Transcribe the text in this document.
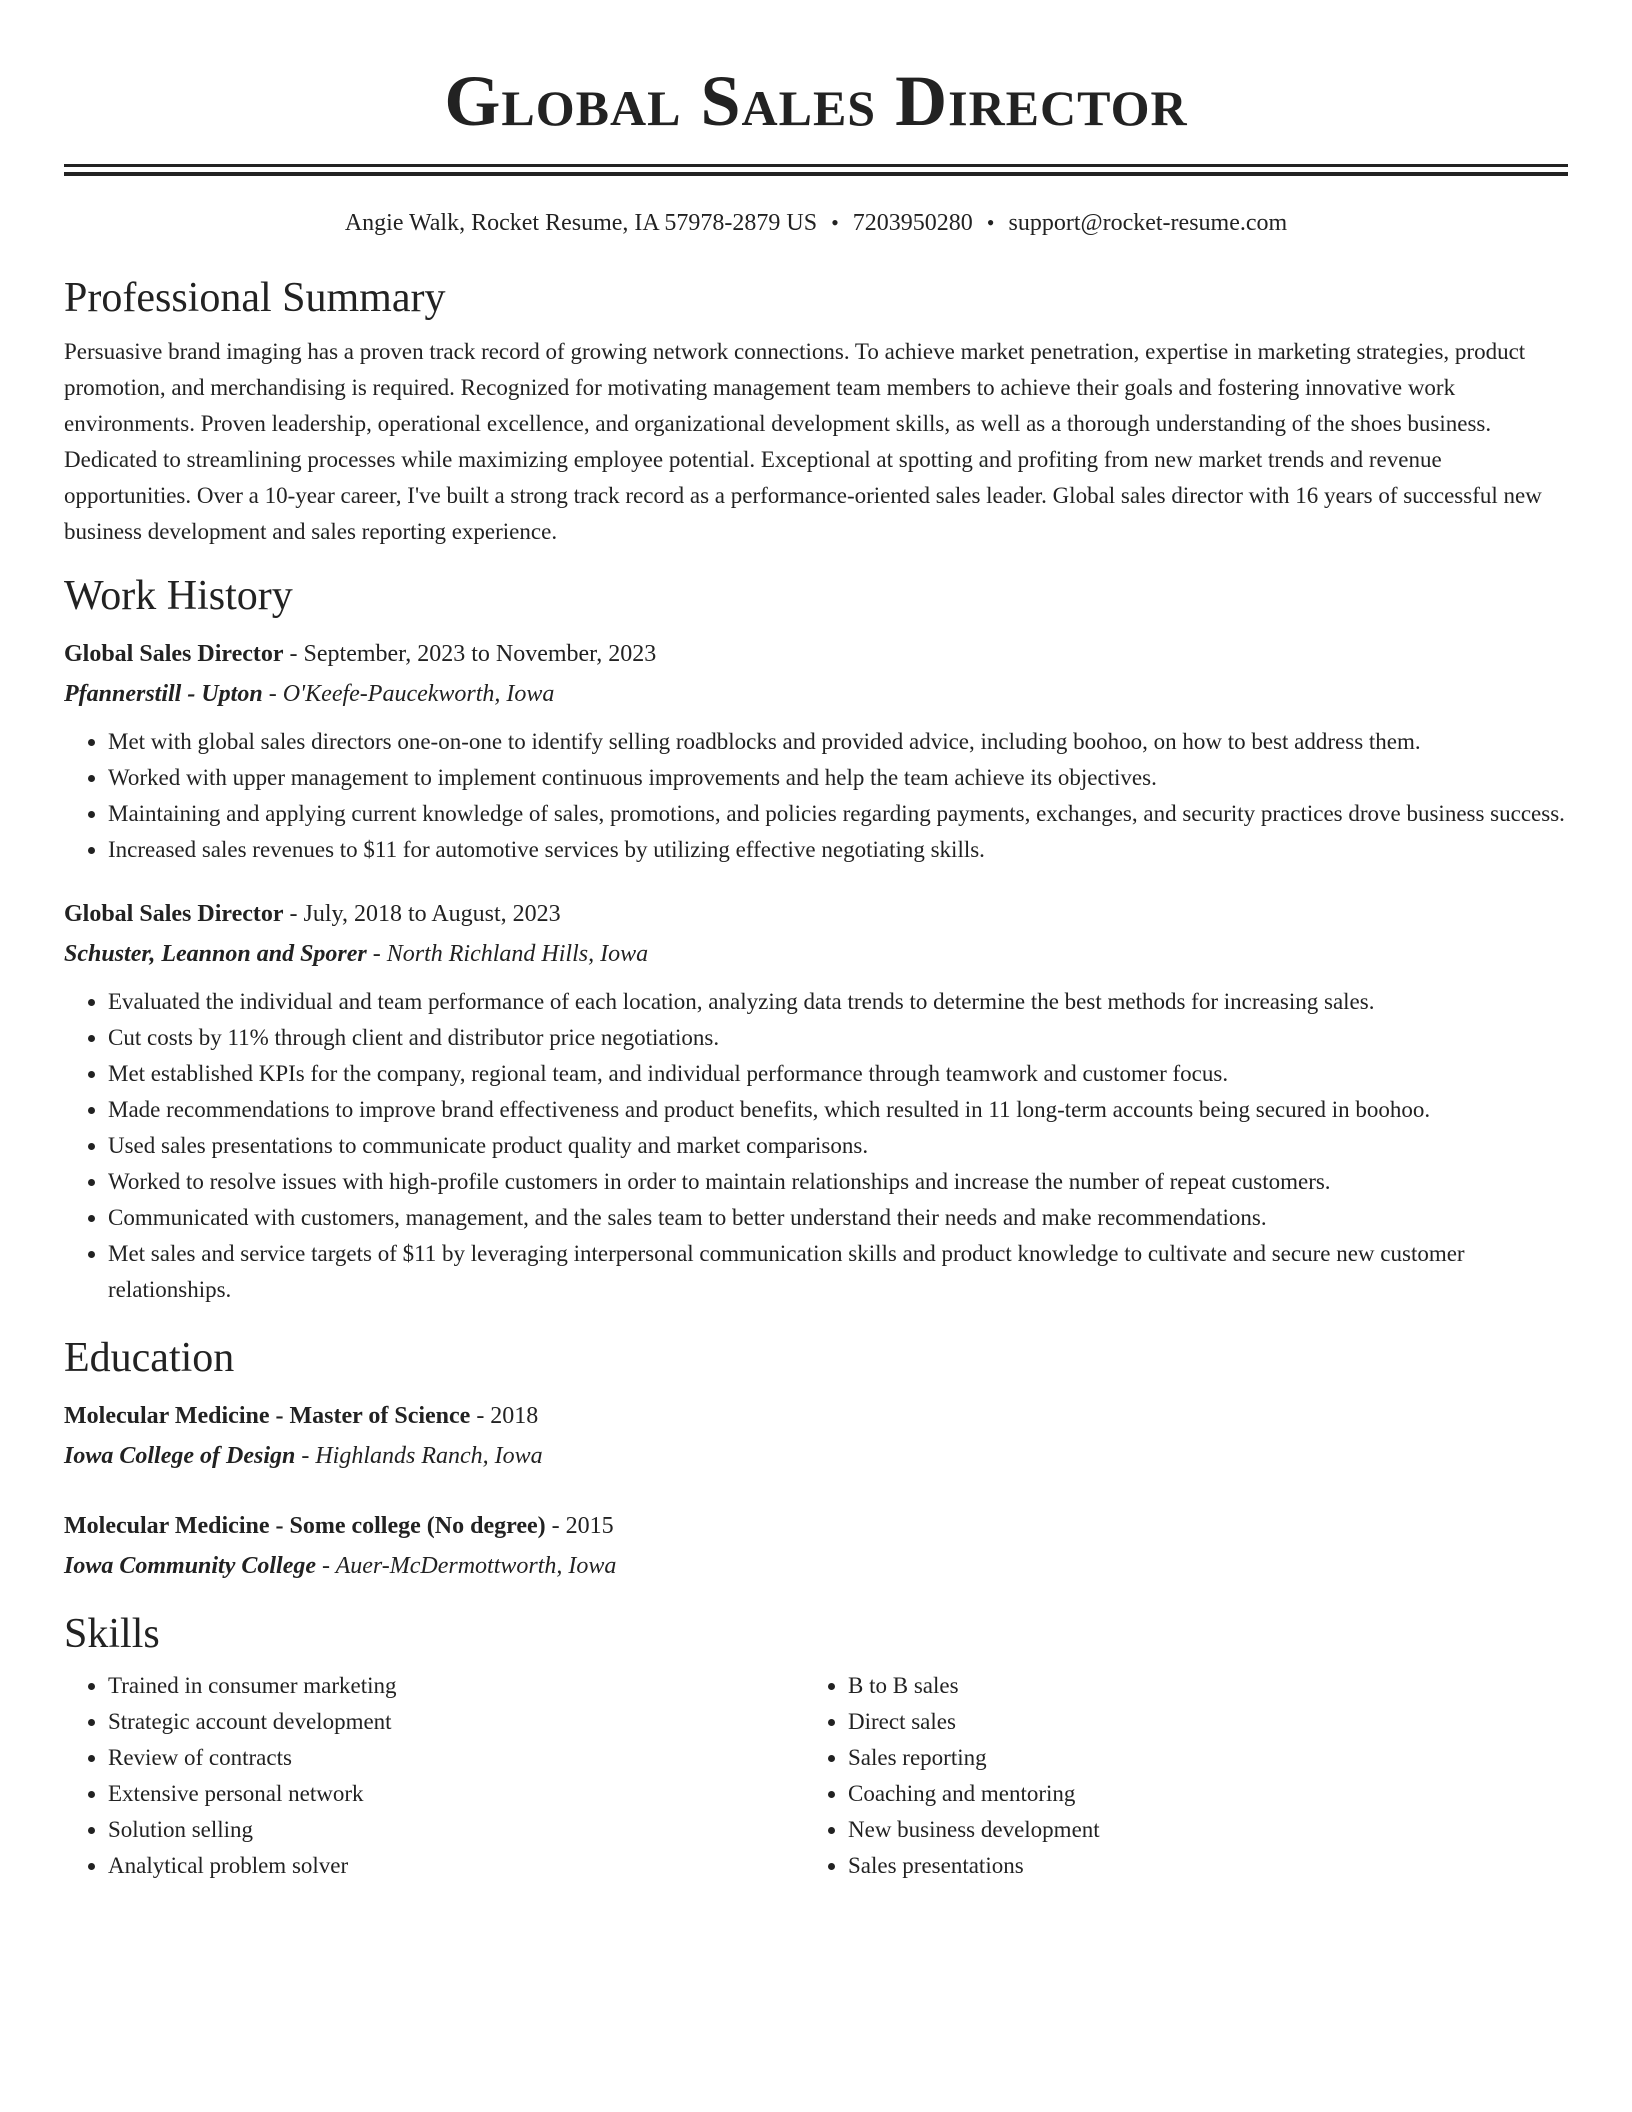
Global Sales Director
Angie Walk, Rocket Resume, IA 57978-2879 US • 7203950280 • support@rocket-resume.com
Professional Summary

Persuasive brand imaging has a proven track record of growing network connections. To achieve market penetration, expertise in marketing strategies, product promotion, and merchandising is required. Recognized for motivating management team members to achieve their goals and fostering innovative work environments. Proven leadership, operational excellence, and organizational development skills, as well as a thorough understanding of the shoes business. Dedicated to streamlining processes while maximizing employee potential. Exceptional at spotting and profiting from new market trends and revenue opportunities. Over a 10-year career, I've built a strong track record as a performance-oriented sales leader. Global sales director with 16 years of successful new business development and sales reporting experience.

Work History
Global Sales Director - September, 2023 to November, 2023
Pfannerstill - Upton - O'Keefe-Paucekworth, Iowa
• Met with global sales directors one-on-one to identify selling roadblocks and provided advice, including boohoo, on how to best address them.
• Worked with upper management to implement continuous improvements and help the team achieve its objectives.
• Maintaining and applying current knowledge of sales, promotions, and policies regarding payments, exchanges, and security practices drove business success.
• Increased sales revenues to $11 for automotive services by utilizing effective negotiating skills.
Global Sales Director - July, 2018 to August, 2023
Schuster, Leannon and Sporer - North Richland Hills, Iowa
• Evaluated the individual and team performance of each location, analyzing data trends to determine the best methods for increasing sales.
• Cut costs by 11% through client and distributor price negotiations.
• Met established KPIs for the company, regional team, and individual performance through teamwork and customer focus.
• Made recommendations to improve brand effectiveness and product benefits, which resulted in 11 long-term accounts being secured in boohoo.
• Used sales presentations to communicate product quality and market comparisons.
• Worked to resolve issues with high-profile customers in order to maintain relationships and increase the number of repeat customers.
• Communicated with customers, management, and the sales team to better understand their needs and make recommendations.
• Met sales and service targets of $11 by leveraging interpersonal communication skills and product knowledge to cultivate and secure new customer relationships.
Education
Molecular Medicine - Master of Science - 2018
Iowa College of Design - Highlands Ranch, Iowa
Molecular Medicine - Some college (No degree) - 2015
Iowa Community College - Auer-McDermottworth, Iowa
Skills
• Trained in consumer marketing
• Strategic account development
• Review of contracts
• Extensive personal network
• Solution selling
• Analytical problem solver
• B to B sales
• Direct sales
• Sales reporting
• Coaching and mentoring
• New business development
• Sales presentations
